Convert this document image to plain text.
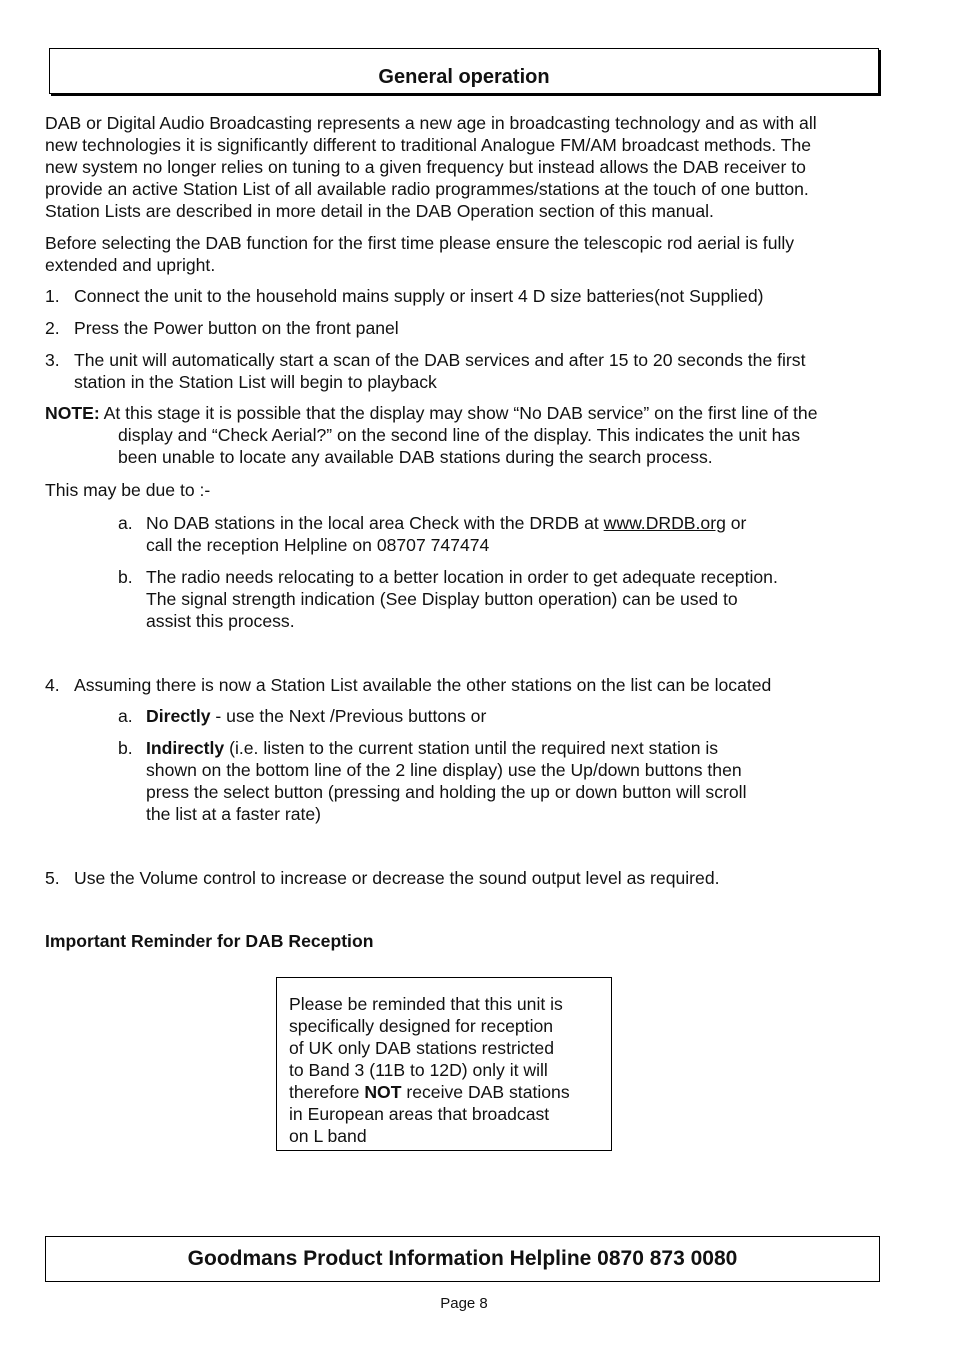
General operation
DAB or Digital Audio Broadcasting represents a new age in broadcasting technology and as with all
new technologies it is significantly different to traditional Analogue FM/AM broadcast methods. The
new system no longer relies on tuning to a given frequency but instead allows the DAB receiver to
provide an active Station List of all available radio programmes/stations at the touch of one button.
Station Lists are described in more detail in the DAB Operation section of this manual.
Before selecting the DAB function for the first time please ensure the telescopic rod aerial is fully
extended and upright.
1. Connect the unit to the household mains supply or insert 4 D size batteries(not Supplied)
2. Press the Power button on the front panel
3. The unit will automatically start a scan of the DAB services and after 15 to 20 seconds the first
station in the Station List will begin to playback
NOTE: At this stage it is possible that the display may show “No DAB service” on the first line of the
display and “Check Aerial?” on the second line of the display. This indicates the unit has
been unable to locate any available DAB stations during the search process.
This may be due to :-
a. No DAB stations in the local area Check with the DRDB at www.DRDB.org or
call the reception Helpline on 08707 747474
b. The radio needs relocating to a better location in order to get adequate reception.
The signal strength indication (See Display button operation) can be used to
assist this process.
4. Assuming there is now a Station List available the other stations on the list can be located
a. Directly - use the Next /Previous buttons or
b. Indirectly (i.e. listen to the current station until the required next station is
shown on the bottom line of the 2 line display) use the Up/down buttons then
press the select button (pressing and holding the up or down button will scroll
the list at a faster rate)
5. Use the Volume control to increase or decrease the sound output level as required.
Important Reminder for DAB Reception
Please be reminded that this unit is
specifically designed for reception
of UK only DAB stations restricted
to Band 3 (11B to 12D) only it will
therefore NOT receive DAB stations
in European areas that broadcast
on L band
Goodmans Product Information Helpline 0870 873 0080
Page 8
